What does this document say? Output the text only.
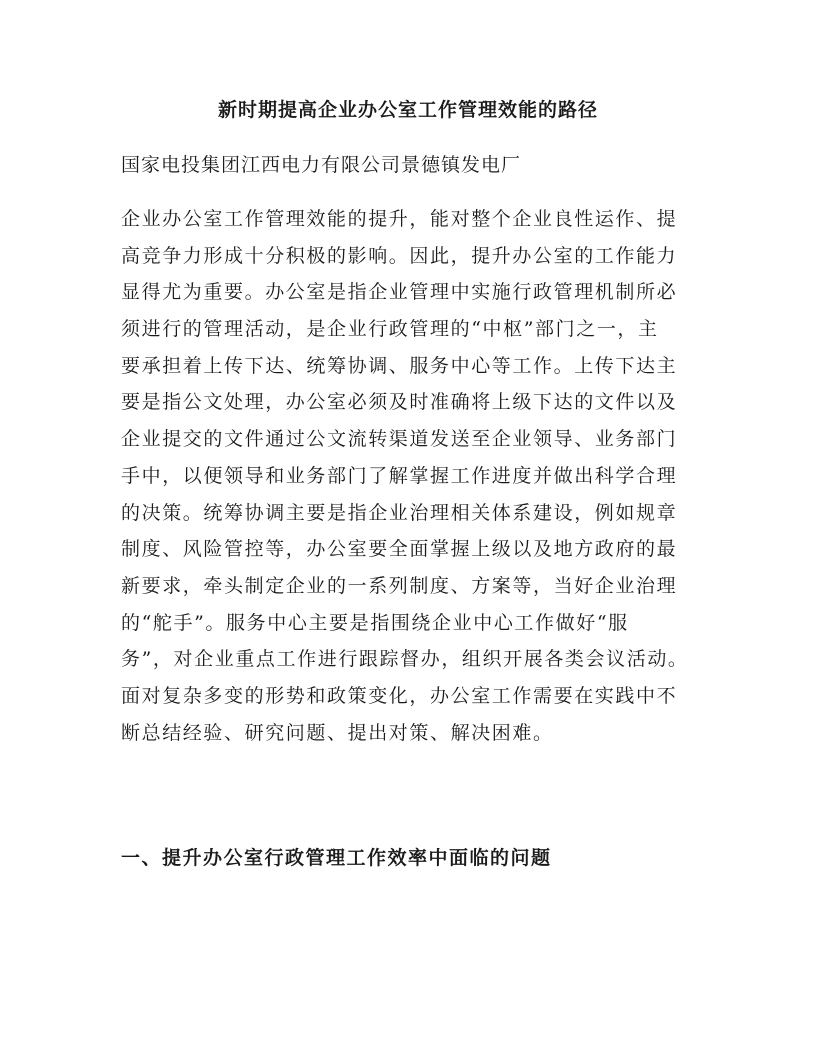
新时期提高企业办公室工作管理效能的路径

国家电投集团江西电力有限公司景德镇发电厂

企业办公室工作管理效能的提升，能对整个企业良性运作、提
高竞争力形成十分积极的影响。因此，提升办公室的工作能力
显得尤为重要。办公室是指企业管理中实施行政管理机制所必
须进行的管理活动，是企业行政管理的“中枢”部门之一，主
要承担着上传下达、统筹协调、服务中心等工作。上传下达主
要是指公文处理，办公室必须及时准确将上级下达的文件以及
企业提交的文件通过公文流转渠道发送至企业领导、业务部门
手中，以便领导和业务部门了解掌握工作进度并做出科学合理
的决策。统筹协调主要是指企业治理相关体系建设，例如规章
制度、风险管控等，办公室要全面掌握上级以及地方政府的最
新要求，牵头制定企业的一系列制度、方案等，当好企业治理
的“舵手”。服务中心主要是指围绕企业中心工作做好“服
务”，对企业重点工作进行跟踪督办，组织开展各类会议活动。
面对复杂多变的形势和政策变化，办公室工作需要在实践中不
断总结经验、研究问题、提出对策、解决困难。
一、提升办公室行政管理工作效率中面临的问题
